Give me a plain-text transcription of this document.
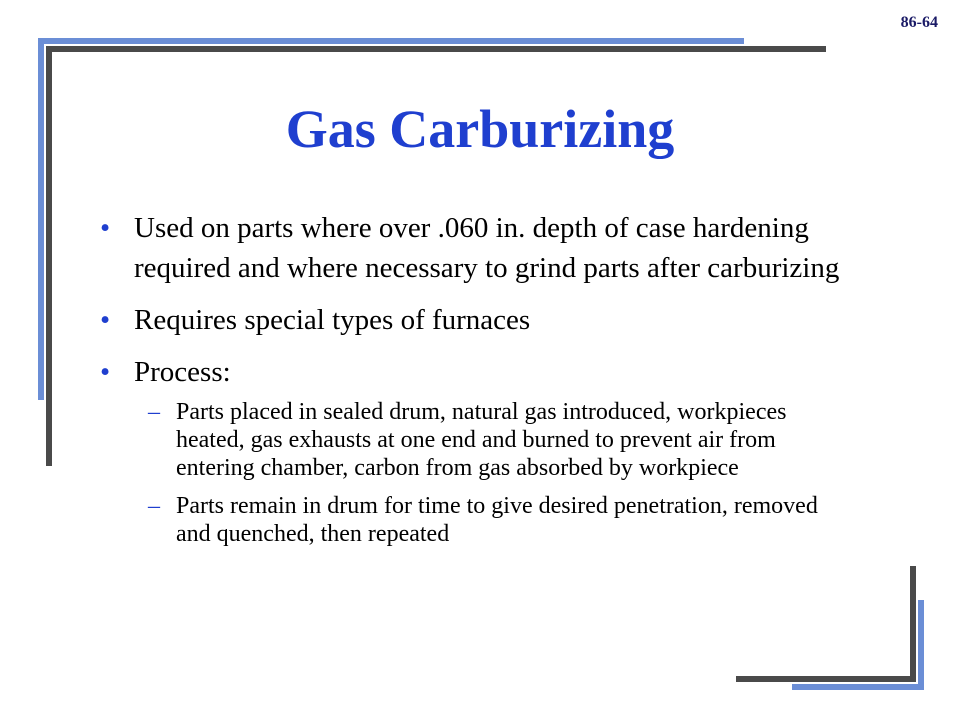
86-64
Gas Carburizing
• Used on parts where over .060 in. depth of case hardening required and where necessary to grind parts after carburizing
• Requires special types of furnaces
• Process:
– Parts placed in sealed drum, natural gas introduced, workpieces heated, gas exhausts at one end and burned to prevent air from entering chamber, carbon from gas absorbed by workpiece
– Parts remain in drum for time to give desired penetration, removed and quenched, then repeated
